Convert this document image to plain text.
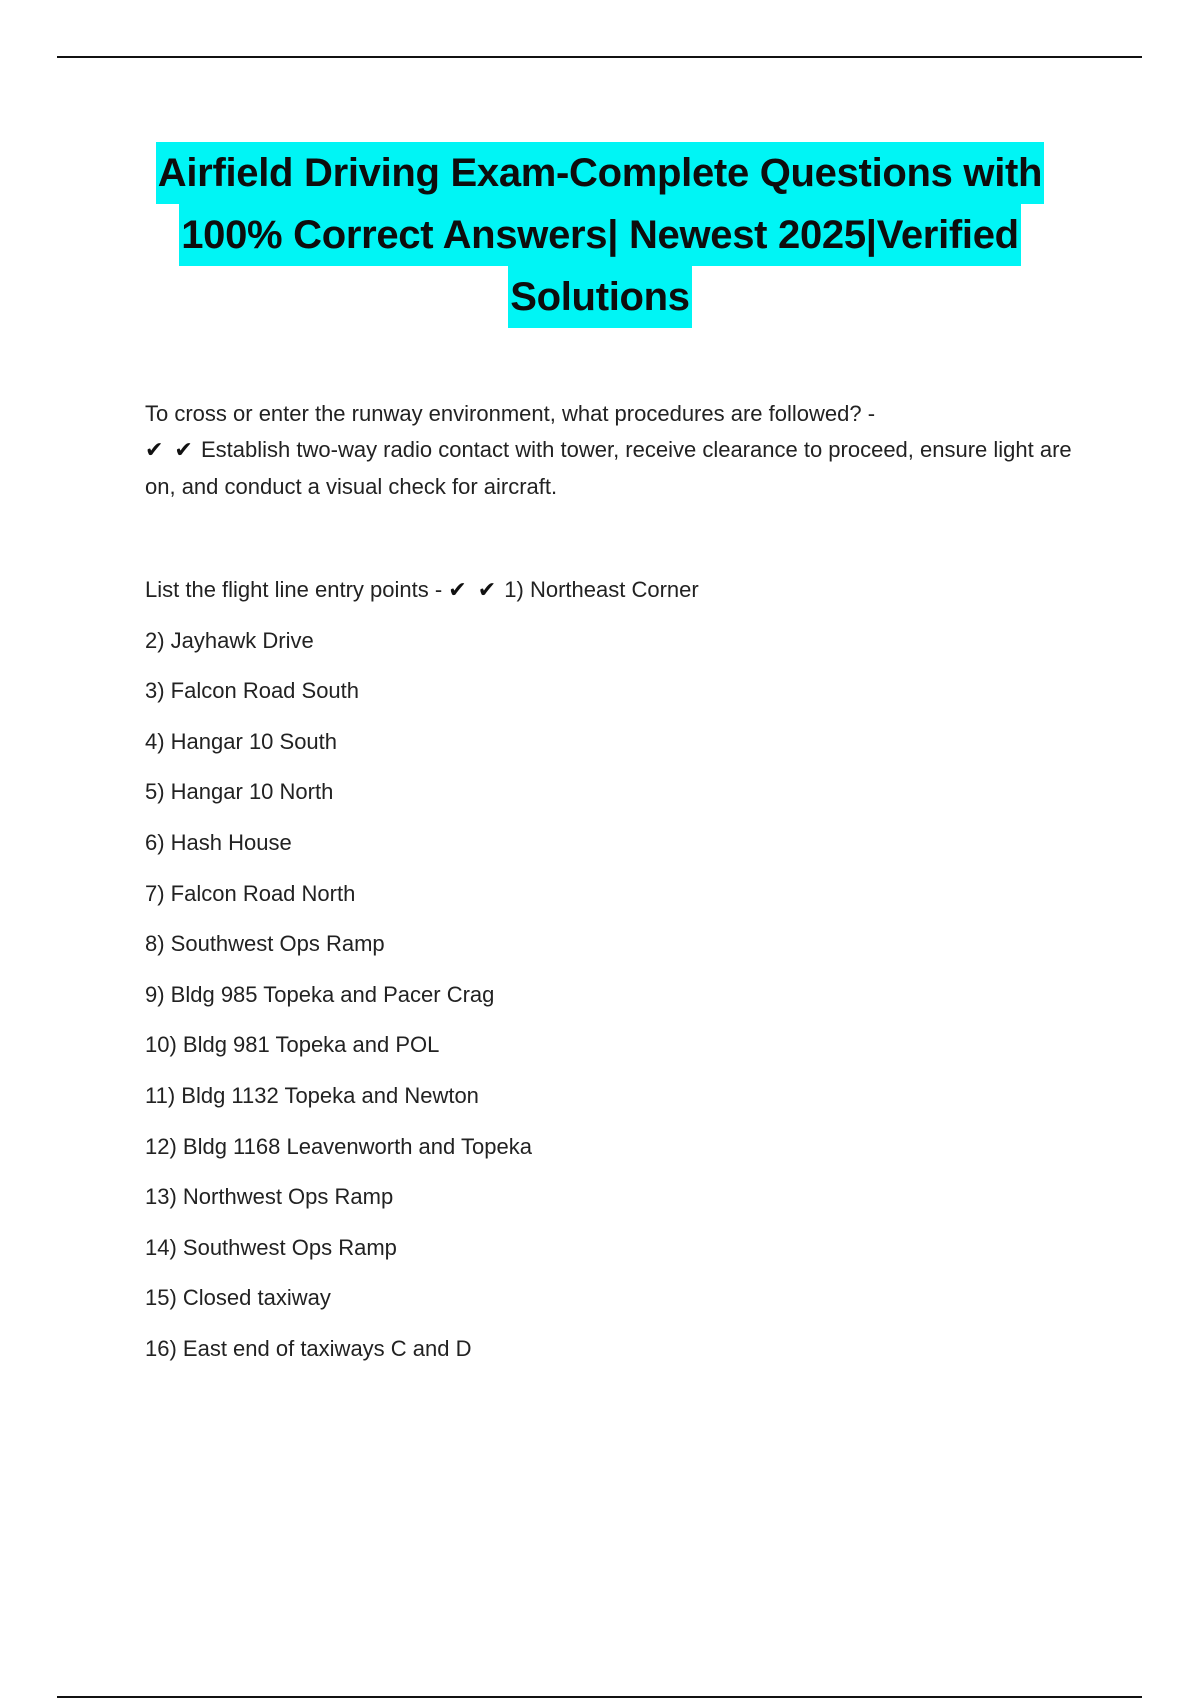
Airfield Driving Exam-Complete Questions with
100% Correct Answers| Newest 2025|Verified
Solutions
To cross or enter the runway environment, what procedures are followed? -
✔ ✔ Establish two-way radio contact with tower, receive clearance to proceed, ensure light are on, and conduct a visual check for aircraft.
List the flight line entry points - ✔ ✔ 1) Northeast Corner
2) Jayhawk Drive
3) Falcon Road South
4) Hangar 10 South
5) Hangar 10 North
6) Hash House
7) Falcon Road North
8) Southwest Ops Ramp
9) Bldg 985 Topeka and Pacer Crag
10) Bldg 981 Topeka and POL
11) Bldg 1132 Topeka and Newton
12) Bldg 1168 Leavenworth and Topeka
13) Northwest Ops Ramp
14) Southwest Ops Ramp
15) Closed taxiway
16) East end of taxiways C and D
